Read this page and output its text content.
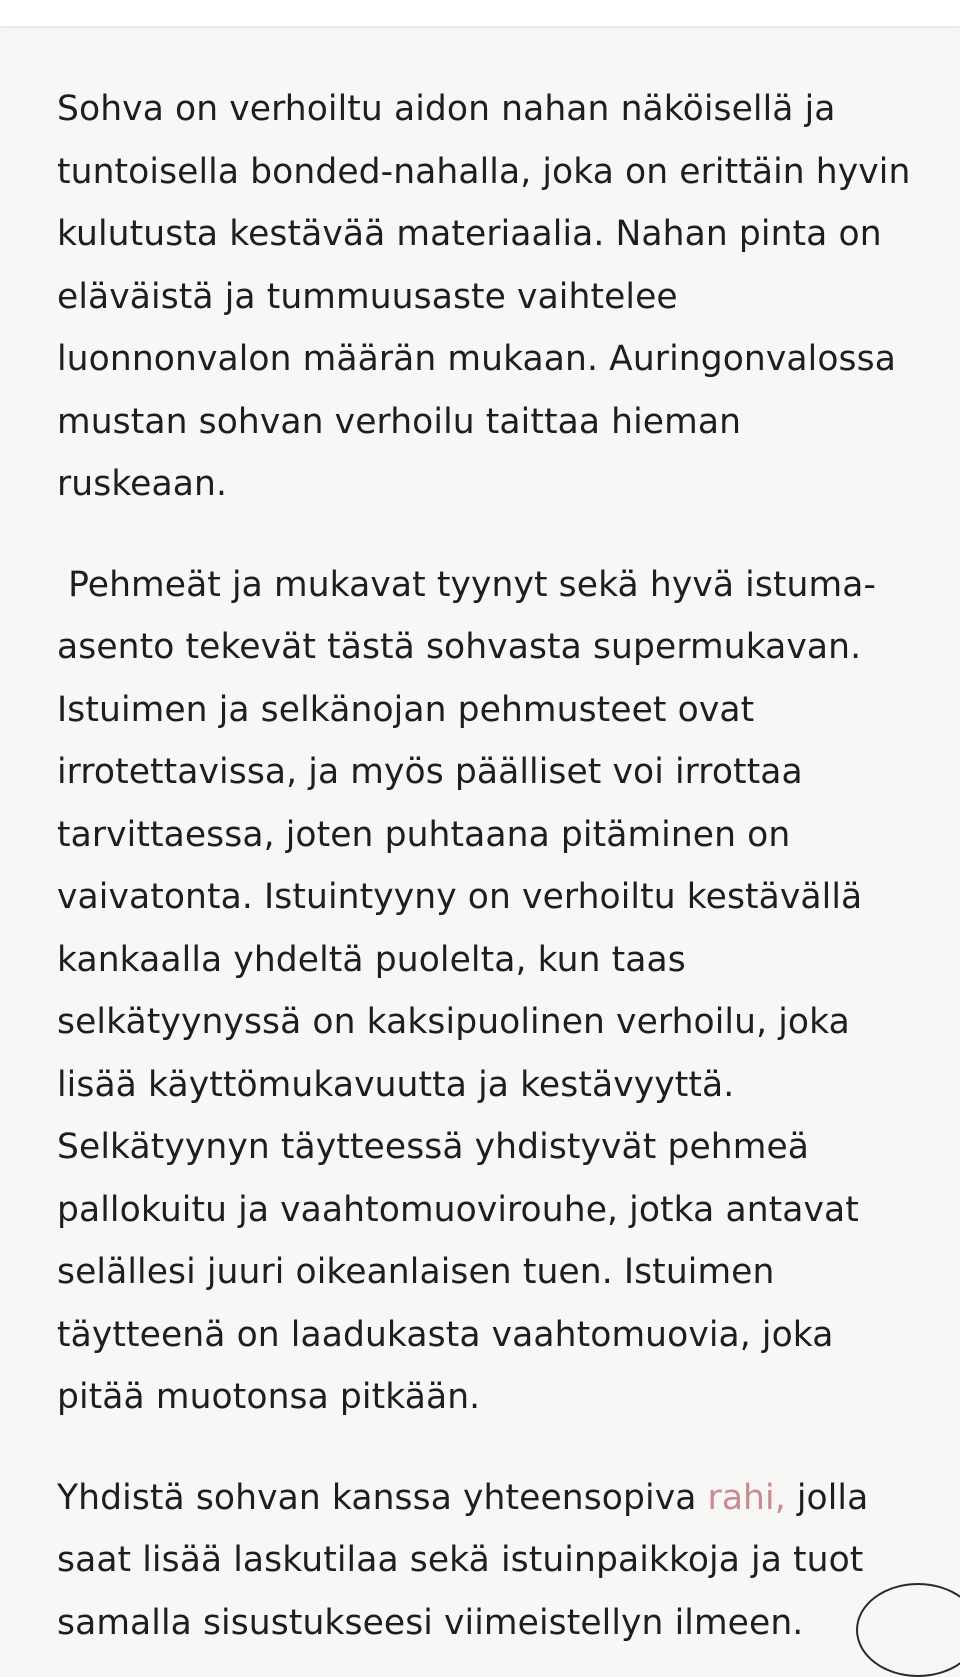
Sohva on verhoiltu aidon nahan näköisellä ja
tuntoisella bonded-nahalla, joka on erittäin hyvin
kulutusta kestävää materiaalia. Nahan pinta on
eläväistä ja tummuusaste vaihtelee
luonnonvalon määrän mukaan. Auringonvalossa
mustan sohvan verhoilu taittaa hieman
ruskeaan.

Pehmeät ja mukavat tyynyt sekä hyvä istuma-
asento tekevät tästä sohvasta supermukavan.
Istuimen ja selkänojan pehmusteet ovat
irrotettavissa, ja myös päälliset voi irrottaa
tarvittaessa, joten puhtaana pitäminen on
vaivatonta. Istuintyyny on verhoiltu kestävällä
kankaalla yhdeltä puolelta, kun taas
selkätyynyssä on kaksipuolinen verhoilu, joka
lisää käyttömukavuutta ja kestävyyttä.
Selkätyynyn täytteessä yhdistyvät pehmeä
pallokuitu ja vaahtomuovirouhe, jotka antavat
selällesi juuri oikeanlaisen tuen. Istuimen
täytteenä on laadukasta vaahtomuovia, joka
pitää muotonsa pitkään.

Yhdistä sohvan kanssa yhteensopiva rahi, jolla
saat lisää laskutilaa sekä istuinpaikkoja ja tuot
samalla sisustukseesi viimeistellyn ilmeen.
